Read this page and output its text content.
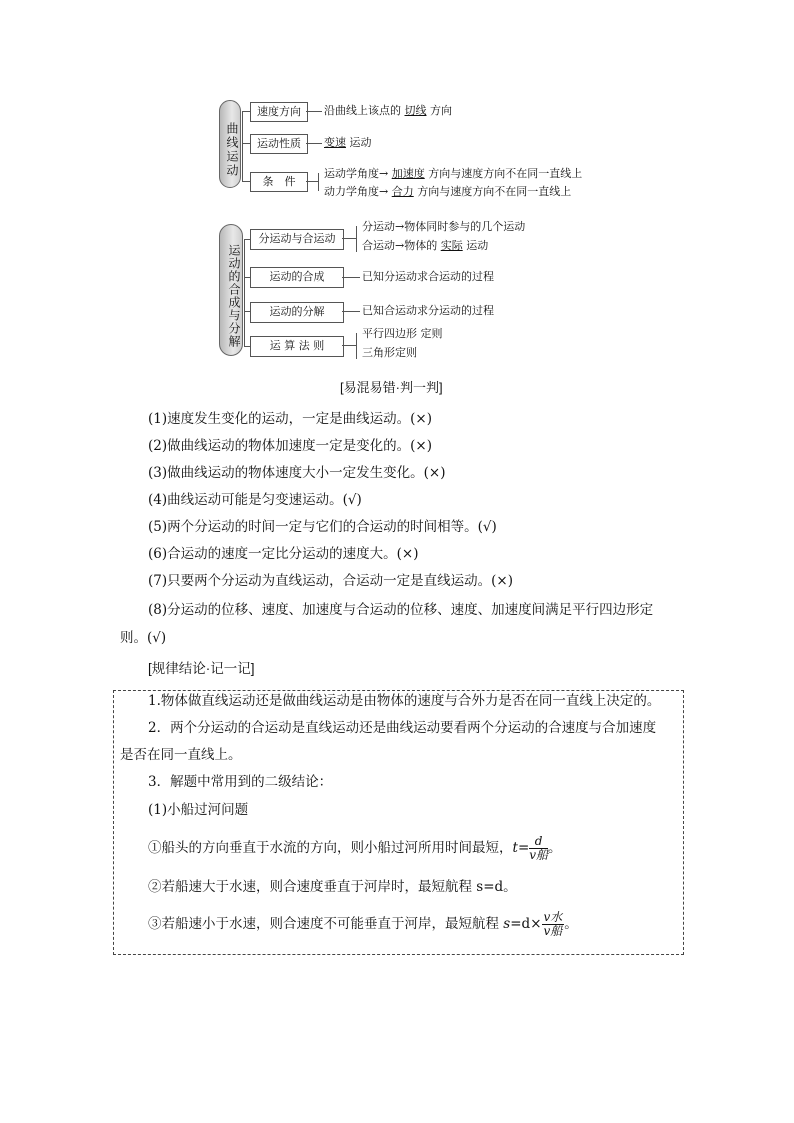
曲线运动
速度方向	沿曲线上该点的 切线 方向
运动性质	变速 运动
条　件
运动学角度→ 加速度 方向与速度方向不在同一直线上
动力学角度→ 合力 方向与速度方向不在同一直线上
运动的合成与分解
分运动与合运动
分运动→物体同时参与的几个运动
合运动→物体的 实际 运动
运动的合成	已知分运动求合运动的过程
运动的分解	已知合运动求分运动的过程
运 算 法 则
平行四边形 定则
三角形定则
[易混易错·判一判]
(1)速度发生变化的运动，一定是曲线运动。(×)
(2)做曲线运动的物体加速度一定是变化的。(×)
(3)做曲线运动的物体速度大小一定发生变化。(×)
(4)曲线运动可能是匀变速运动。(√)
(5)两个分运动的时间一定与它们的合运动的时间相等。(√)
(6)合运动的速度一定比分运动的速度大。(×)
(7)只要两个分运动为直线运动，合运动一定是直线运动。(×)
(8)分运动的位移、速度、加速度与合运动的位移、速度、加速度间满足平行四边形定
则。(√)
[规律结论·记一记]
1.物体做直线运动还是做曲线运动是由物体的速度与合外力是否在同一直线上决定的。
2．两个分运动的合运动是直线运动还是曲线运动要看两个分运动的合速度与合加速度
是否在同一直线上。
3．解题中常用到的二级结论：
(1)小船过河问题
①船头的方向垂直于水流的方向，则小船过河所用时间最短，$t= \frac{d}{\text{v船}}$ 。
②若船速大于水速，则合速度垂直于河岸时，最短航程 s=d。
③若船速小于水速，则合速度不可能垂直于河岸，最短航程 $s=d\times \frac{\text{v水}}{\text{v船}}$ 。
